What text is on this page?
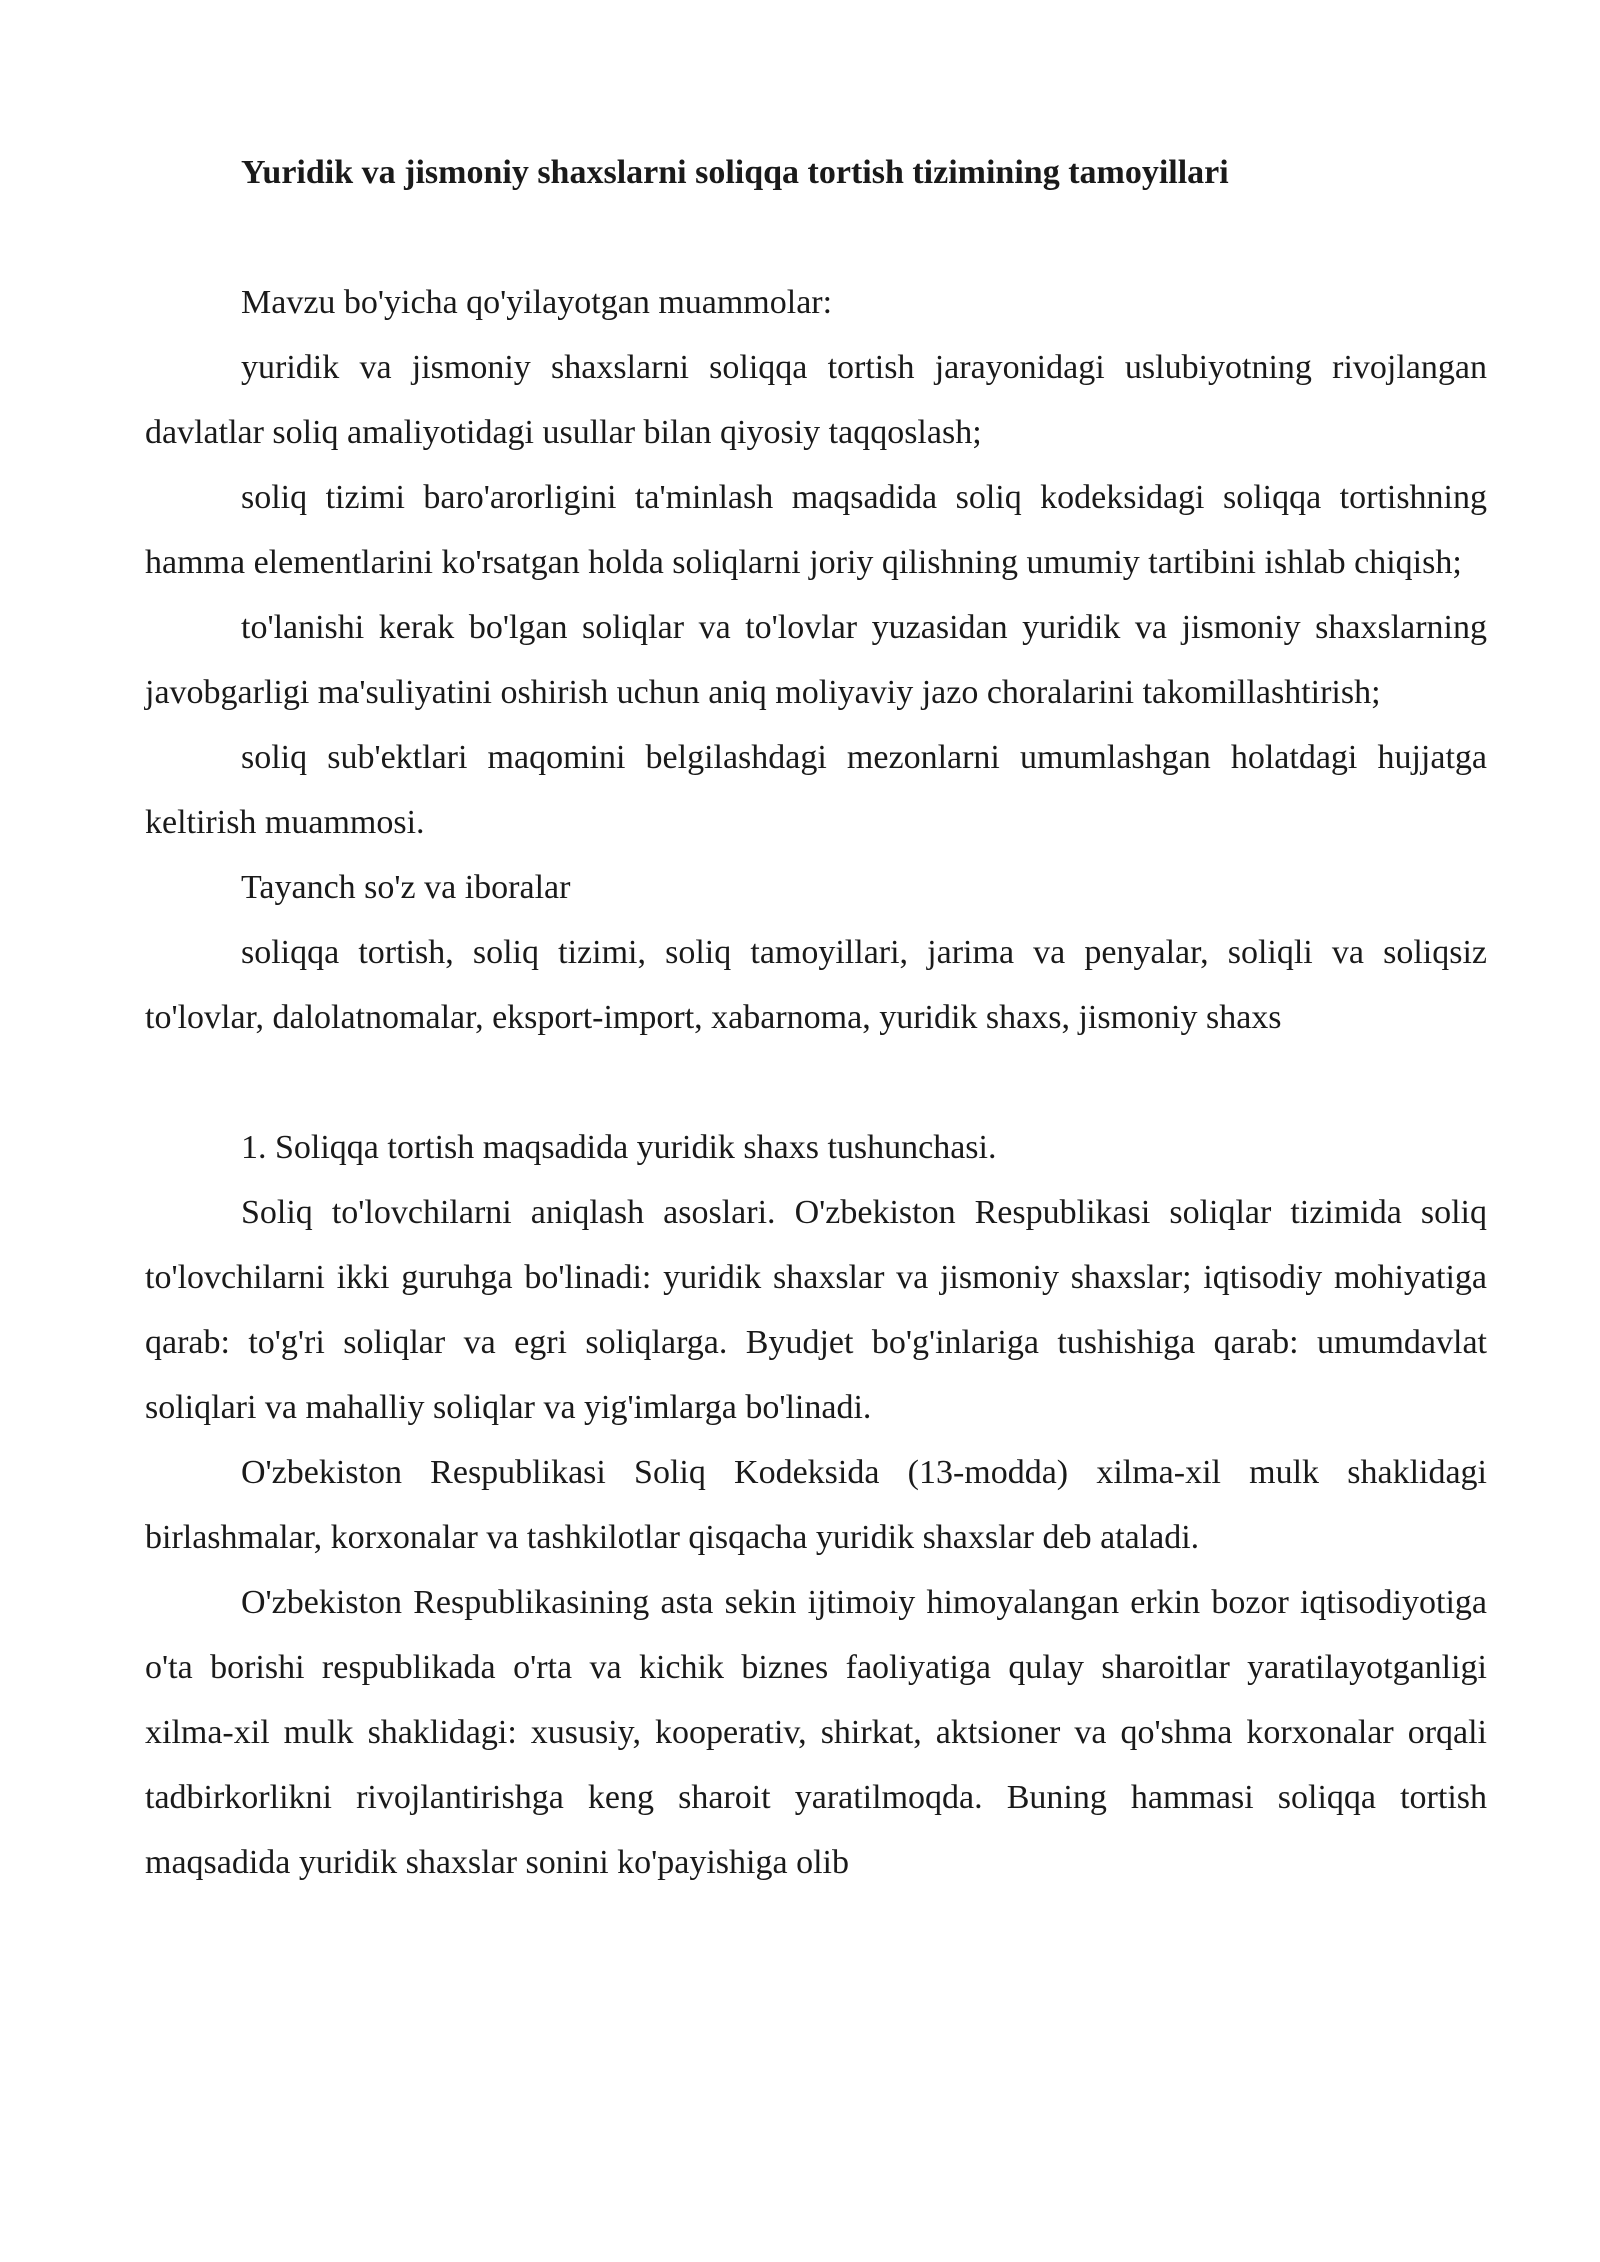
Yuridik va jismoniy shaxslarni soliqqa tortish tizimining tamoyillari

Mavzu bo'yicha qo'yilayotgan muammolar:

yuridik va jismoniy shaxslarni soliqqa tortish jarayonidagi uslubiyotning rivojlangan davlatlar soliq amaliyotidagi usullar bilan qiyosiy taqqoslash;

soliq tizimi baro'arorligini ta'minlash maqsadida soliq kodeksidagi soliqqa tortishning hamma elementlarini ko'rsatgan holda soliqlarni joriy qilishning umumiy tartibini ishlab chiqish;

to'lanishi kerak bo'lgan soliqlar va to'lovlar yuzasidan yuridik va jismoniy shaxslarning javobgarligi ma'suliyatini oshirish uchun aniq moliyaviy jazo choralarini takomillashtirish;

soliq sub'ektlari maqomini belgilashdagi mezonlarni umumlashgan holatdagi hujjatga keltirish muammosi.

Tayanch so'z va iboralar

soliqqa tortish, soliq tizimi, soliq tamoyillari, jarima va penyalar, soliqli va soliqsiz to'lovlar, dalolatnomalar, eksport-import, xabarnoma, yuridik shaxs, jismoniy shaxs

1. Soliqqa tortish maqsadida yuridik shaxs tushunchasi.

Soliq to'lovchilarni aniqlash asoslari. O'zbekiston Respublikasi soliqlar tizimida soliq to'lovchilarni ikki guruhga bo'linadi: yuridik shaxslar va jismoniy shaxslar; iqtisodiy mohiyatiga qarab: to'g'ri soliqlar va egri soliqlarga. Byudjet bo'g'inlariga tushishiga qarab: umumdavlat soliqlari va mahalliy soliqlar va yig'imlarga bo'linadi.

O'zbekiston Respublikasi Soliq Kodeksida (13-modda) xilma-xil mulk shaklidagi birlashmalar, korxonalar va tashkilotlar qisqacha yuridik shaxslar deb ataladi.

O'zbekiston Respublikasining asta sekin ijtimoiy himoyalangan erkin bozor iqtisodiyotiga o'ta borishi respublikada o'rta va kichik biznes faoliyatiga qulay sharoitlar yaratilayotganligi xilma-xil mulk shaklidagi: xususiy, kooperativ, shirkat, aktsioner va qo'shma korxonalar orqali tadbirkorlikni rivojlantirishga keng sharoit yaratilmoqda. Buning hammasi soliqqa tortish maqsadida yuridik shaxslar sonini ko'payishiga olib
